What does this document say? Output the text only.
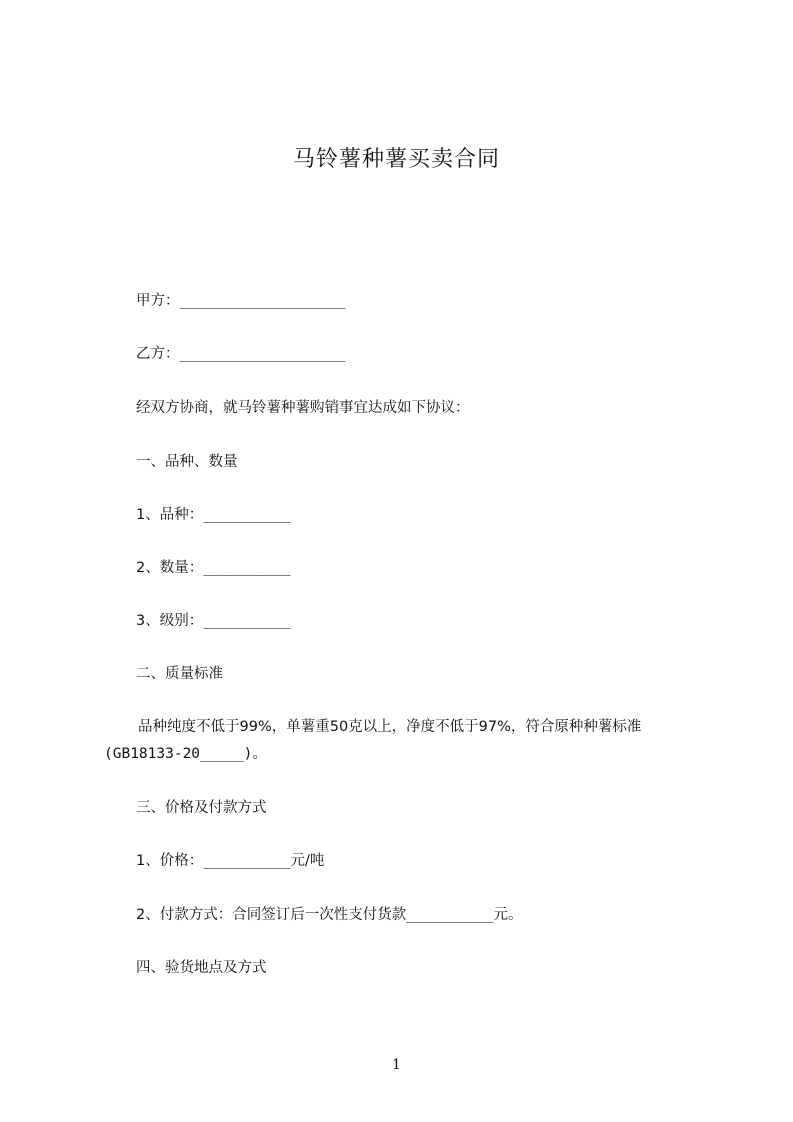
马铃薯种薯买卖合同
甲方：___________________
乙方：___________________
经双方协商，就马铃薯种薯购销事宜达成如下协议：
一、品种、数量
1、品种：__________
2、数量：__________
3、级别：__________
二、质量标准
品种纯度不低于99%，单薯重50克以上，净度不低于97%，符合原种种薯标准
(GB18133-20_____)。
三、价格及付款方式
1、价格：__________元/吨
2、付款方式：合同签订后一次性支付货款__________元。
四、验货地点及方式
1
